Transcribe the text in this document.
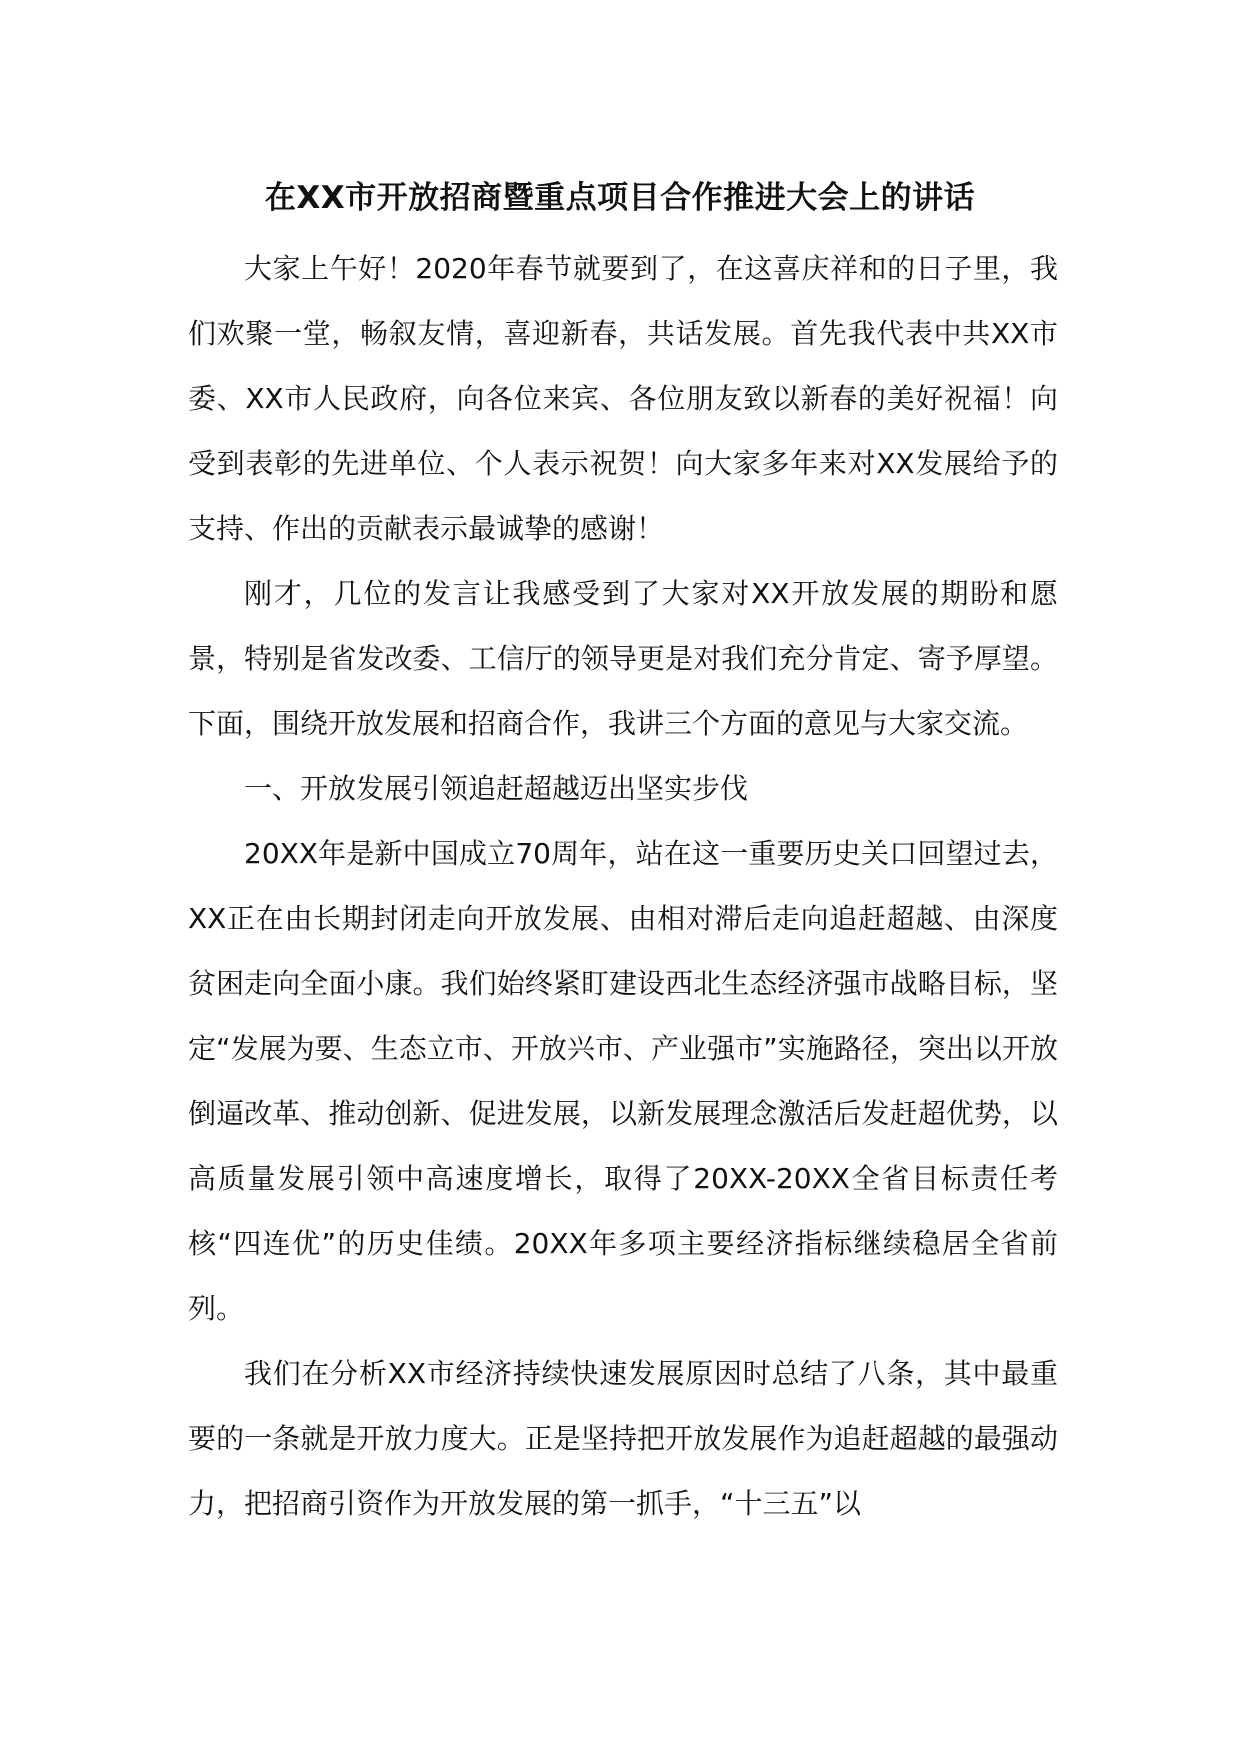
在XX市开放招商暨重点项目合作推进大会上的讲话

大家上午好！2020年春节就要到了，在这喜庆祥和的日子里，我们欢聚一堂，畅叙友情，喜迎新春，共话发展。首先我代表中共XX市委、XX市人民政府，向各位来宾、各位朋友致以新春的美好祝福！向受到表彰的先进单位、个人表示祝贺！向大家多年来对XX发展给予的支持、作出的贡献表示最诚挚的感谢！

刚才，几位的发言让我感受到了大家对XX开放发展的期盼和愿景，特别是省发改委、工信厅的领导更是对我们充分肯定、寄予厚望。下面，围绕开放发展和招商合作，我讲三个方面的意见与大家交流。

一、开放发展引领追赶超越迈出坚实步伐

20XX年是新中国成立70周年，站在这一重要历史关口回望过去，XX正在由长期封闭走向开放发展、由相对滞后走向追赶超越、由深度贫困走向全面小康。我们始终紧盯建设西北生态经济强市战略目标，坚定“发展为要、生态立市、开放兴市、产业强市”实施路径，突出以开放倒逼改革、推动创新、促进发展，以新发展理念激活后发赶超优势，以高质量发展引领中高速度增长，取得了20XX-20XX全省目标责任考核“四连优”的历史佳绩。20XX年多项主要经济指标继续稳居全省前列。

我们在分析XX市经济持续快速发展原因时总结了八条，其中最重要的一条就是开放力度大。正是坚持把开放发展作为追赶超越的最强动力，把招商引资作为开放发展的第一抓手，“十三五”以
